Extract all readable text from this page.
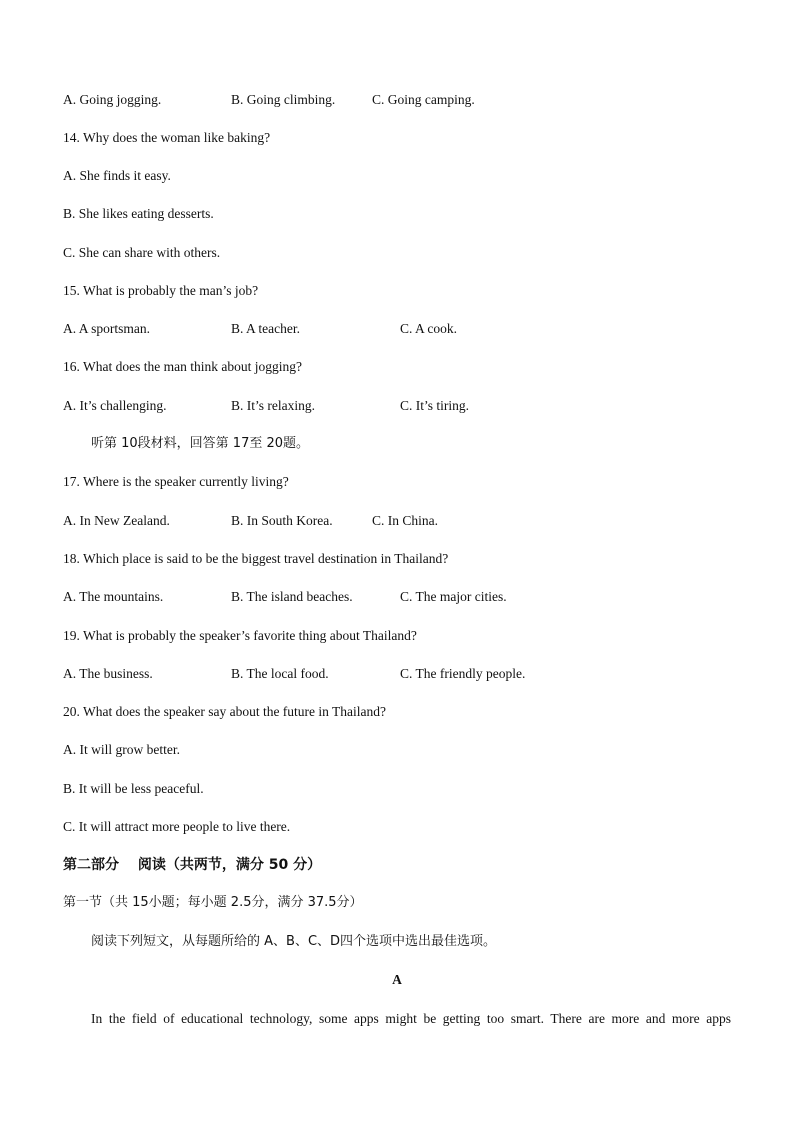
A. Going jogging.	B. Going climbing.	C. Going camping.
14. Why does the woman like baking?
A. She finds it easy.
B. She likes eating desserts.
C. She can share with others.
15. What is probably the man’s job?
A. A sportsman.	B. A teacher.	C. A cook.
16. What does the man think about jogging?
A. It’s challenging.	B. It’s relaxing.	C. It’s tiring.
听第 10段材料，回答第 17至 20题。
17. Where is the speaker currently living?
A. In New Zealand.	B. In South Korea.	C. In China.
18. Which place is said to be the biggest travel destination in Thailand?
A. The mountains.	B. The island beaches.	C. The major cities.
19. What is probably the speaker’s favorite thing about Thailand?
A. The business.	B. The local food.	C. The friendly people.
20. What does the speaker say about the future in Thailand?
A. It will grow better.
B. It will be less peaceful.
C. It will attract more people to live there.
第二部分　 阅读（共两节，满分 50 分）
第一节（共 15小题；每小题 2.5分，满分 37.5分）
阅读下列短文，从每题所给的 A、B、C、D四个选项中选出最佳选项。
A
In the field of educational technology, some apps might be getting too smart. There are more and more apps
